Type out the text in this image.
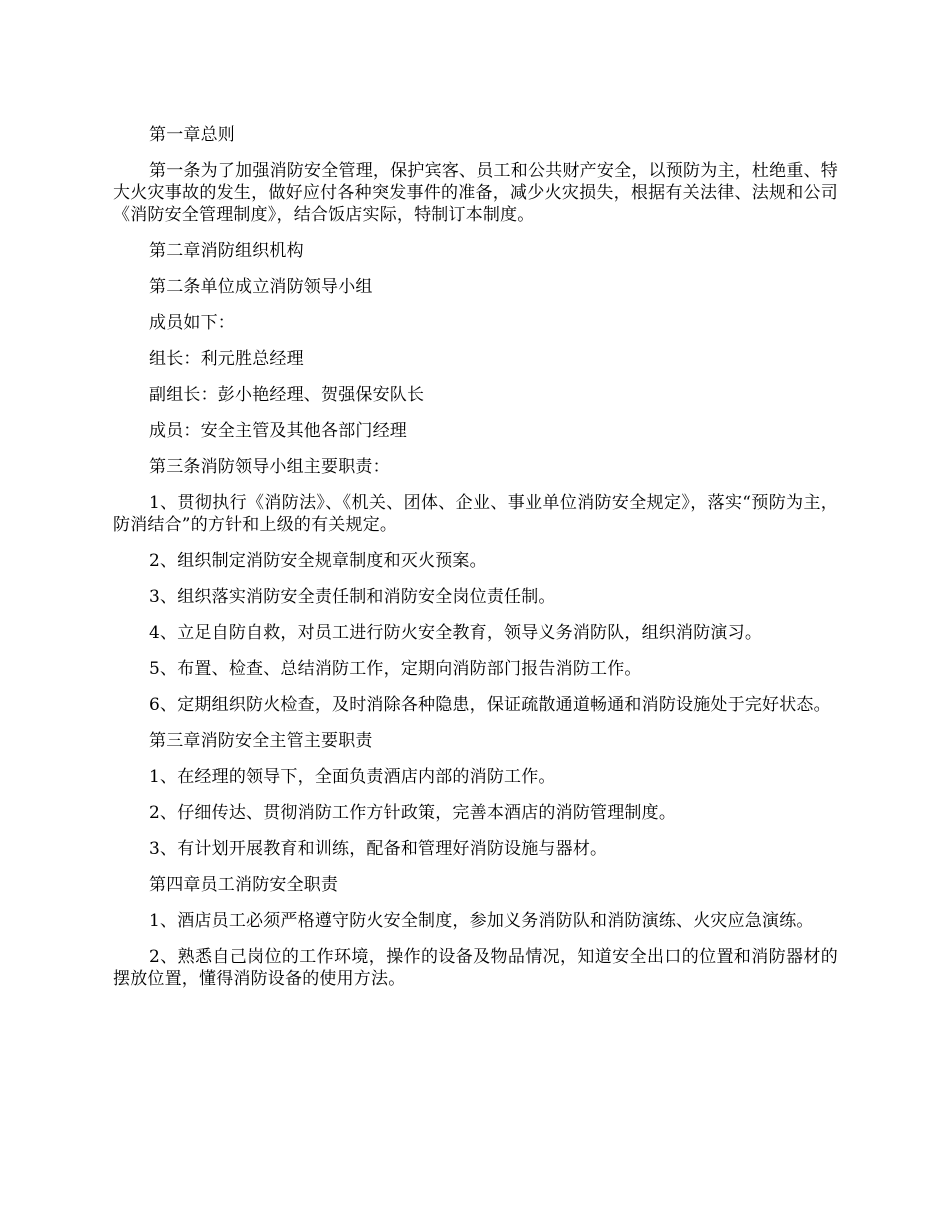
第一章总则

第一条为了加强消防安全管理，保护宾客、员工和公共财产安全，以预防为主，杜绝重、特大火灾事故的发生，做好应付各种突发事件的准备，减少火灾损失，根据有关法律、法规和公司《消防安全管理制度》，结合饭店实际，特制订本制度。

第二章消防组织机构

第二条单位成立消防领导小组

成员如下：

组长：利元胜总经理

副组长：彭小艳经理、贺强保安队长

成员：安全主管及其他各部门经理

第三条消防领导小组主要职责：

1、贯彻执行《消防法》、《机关、团体、企业、事业单位消防安全规定》，落实“预防为主，防消结合”的方针和上级的有关规定。

2、组织制定消防安全规章制度和灭火预案。

3、组织落实消防安全责任制和消防安全岗位责任制。

4、立足自防自救，对员工进行防火安全教育，领导义务消防队，组织消防演习。

5、布置、检查、总结消防工作，定期向消防部门报告消防工作。

6、定期组织防火检查，及时消除各种隐患，保证疏散通道畅通和消防设施处于完好状态。

第三章消防安全主管主要职责

1、在经理的领导下，全面负责酒店内部的消防工作。

2、仔细传达、贯彻消防工作方针政策，完善本酒店的消防管理制度。

3、有计划开展教育和训练，配备和管理好消防设施与器材。

第四章员工消防安全职责

1、酒店员工必须严格遵守防火安全制度，参加义务消防队和消防演练、火灾应急演练。

2、熟悉自己岗位的工作环境，操作的设备及物品情况，知道安全出口的位置和消防器材的摆放位置，懂得消防设备的使用方法。
